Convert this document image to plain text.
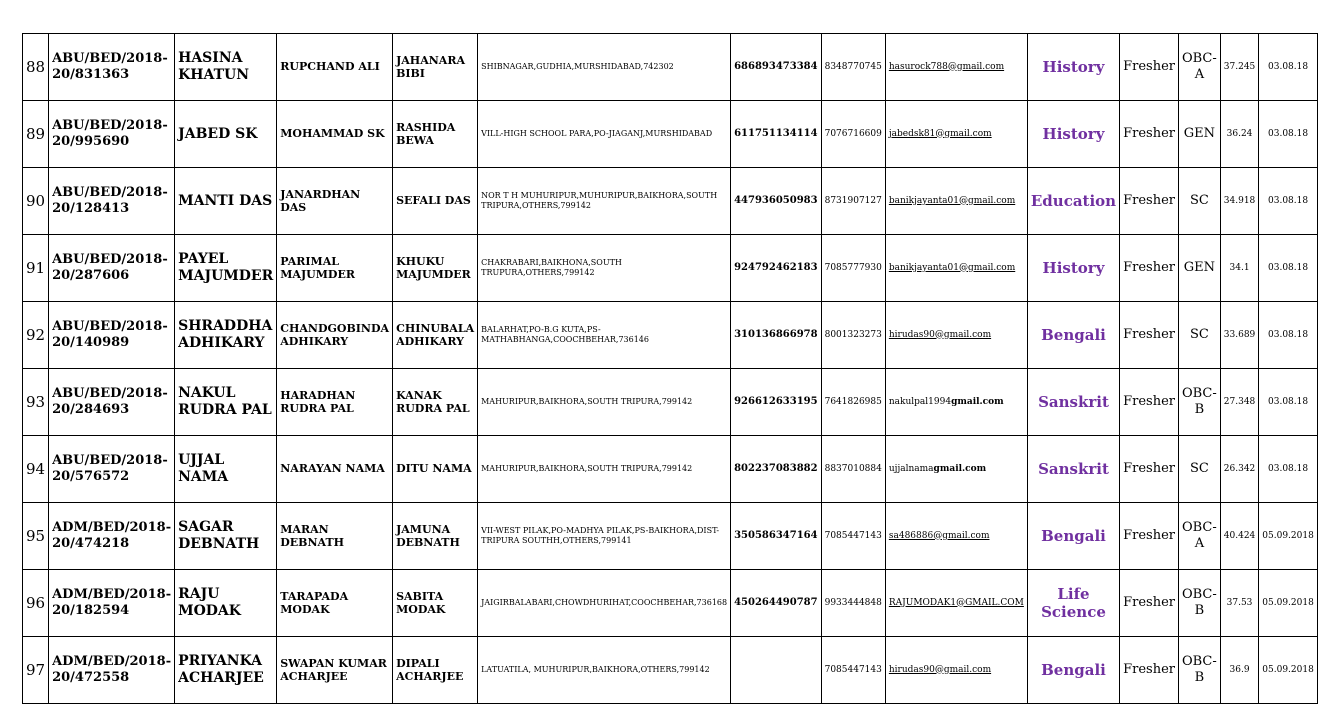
88	ABU/BED/2018-20/831363	HASINA KHATUN	RUPCHAND ALI	JAHANARA BIBI	SHIBNAGAR,GUDHIA,MURSHIDABAD,742302	686893473384	8348770745	hasurock788@gmail.com	History	Fresher	OBC-A	37.245	03.08.18
89	ABU/BED/2018-20/995690	JABED SK	MOHAMMAD SK	RASHIDA BEWA	VILL-HIGH SCHOOL PARA,PO-JIAGANJ,MURSHIDABAD	611751134114	7076716609	jabedsk81@gmail.com	History	Fresher	GEN	36.24	03.08.18
90	ABU/BED/2018-20/128413	MANTI DAS	JANARDHAN DAS	SEFALI DAS	NOR T H MUHURIPUR,MUHURIPUR,BAIKHORA,SOUTH TRIPURA,OTHERS,799142	447936050983	8731907127	banikjayanta01@gmail.com	Education	Fresher	SC	34.918	03.08.18
91	ABU/BED/2018-20/287606	PAYEL MAJUMDER	PARIMAL MAJUMDER	KHUKU MAJUMDER	CHAKRABARI,BAIKHONA,SOUTH TRUPURA,OTHERS,799142	924792462183	7085777930	banikjayanta01@gmail.com	History	Fresher	GEN	34.1	03.08.18
92	ABU/BED/2018-20/140989	SHRADDHA ADHIKARY	CHANDGOBINDA ADHIKARY	CHINUBALA ADHIKARY	BALARHAT,PO-B.G KUTA,PS-MATHABHANGA,COOCHBEHAR,736146	310136866978	8001323273	hirudas90@gmail.com	Bengali	Fresher	SC	33.689	03.08.18
93	ABU/BED/2018-20/284693	NAKUL RUDRA PAL	HARADHAN RUDRA PAL	KANAK RUDRA PAL	MAHURIPUR,BAIKHORA,SOUTH TRIPURA,799142	926612633195	7641826985	nakulpal1994gmail.com	Sanskrit	Fresher	OBC-B	27.348	03.08.18
94	ABU/BED/2018-20/576572	UJJAL NAMA	NARAYAN NAMA	DITU NAMA	MAHURIPUR,BAIKHORA,SOUTH TRIPURA,799142	802237083882	8837010884	ujjalnamagmail.com	Sanskrit	Fresher	SC	26.342	03.08.18
95	ADM/BED/2018-20/474218	SAGAR DEBNATH	MARAN DEBNATH	JAMUNA DEBNATH	VII-WEST PILAK,PO-MADHYA PILAK,PS-BAIKHORA,DIST-TRIPURA SOUTHH,OTHERS,799141	350586347164	7085447143	sa486886@gmail.com	Bengali	Fresher	OBC-A	40.424	05.09.2018
96	ADM/BED/2018-20/182594	RAJU MODAK	TARAPADA MODAK	SABITA MODAK	JAIGIRBALABARI,CHOWDHURIHAT,COOCHBEHAR,736168	450264490787	9933444848	RAJUMODAK1@GMAIL.COM	Life Science	Fresher	OBC-B	37.53	05.09.2018
97	ADM/BED/2018-20/472558	PRIYANKA ACHARJEE	SWAPAN KUMAR ACHARJEE	DIPALI ACHARJEE	LATUATILA, MUHURIPUR,BAIKHORA,OTHERS,799142		7085447143	hirudas90@gmail.com	Bengali	Fresher	OBC-B	36.9	05.09.2018
